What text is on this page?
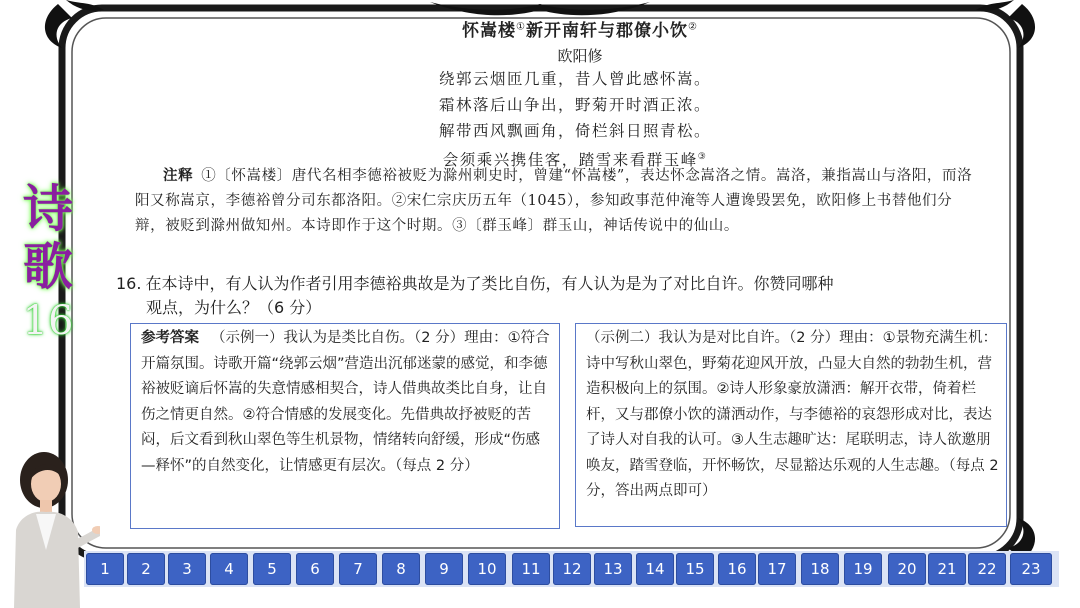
诗
歌
16
怀嵩楼①新开南轩与郡僚小饮②
欧阳修
绕郭云烟匝几重，昔人曾此感怀嵩。
霜林落后山争出，野菊开时酒正浓。
解带西风飘画角，倚栏斜日照青松。
会须乘兴携佳客，踏雪来看群玉峰③
注释 ①〔怀嵩楼〕唐代名相李德裕被贬为滁州刺史时，曾建“怀嵩楼”，表达怀念嵩洛之情。嵩洛，兼指嵩山与洛阳，而洛阳又称嵩京，李德裕曾分司东都洛阳。②宋仁宗庆历五年（1045），参知政事范仲淹等人遭谗毁罢免，欧阳修上书替他们分辩，被贬到滁州做知州。本诗即作于这个时期。③〔群玉峰〕群玉山，神话传说中的仙山。
16. 在本诗中，有人认为作者引用李德裕典故是为了类比自伤，有人认为是为了对比自许。你赞同哪种
观点，为什么？（6 分）
参考答案 （示例一）我认为是类比自伤。（2 分）理由：①符合开篇氛围。诗歌开篇“绕郭云烟”营造出沉郁迷蒙的感觉，和李德裕被贬谪后怀嵩的失意情感相契合，诗人借典故类比自身，让自伤之情更自然。②符合情感的发展变化。先借典故抒被贬的苦闷，后文看到秋山翠色等生机景物，情绪转向舒缓，形成“伤感—释怀”的自然变化，让情感更有层次。（每点 2 分）
（示例二）我认为是对比自许。（2 分）理由：①景物充满生机：诗中写秋山翠色，野菊花迎风开放，凸显大自然的勃勃生机，营造积极向上的氛围。②诗人形象豪放潇洒：解开衣带，倚着栏杆，又与郡僚小饮的潇洒动作，与李德裕的哀怨形成对比，表达了诗人对自我的认可。③人生志趣旷达：尾联明志，诗人欲邀朋唤友，踏雪登临，开怀畅饮，尽显豁达乐观的人生志趣。（每点 2 分，答出两点即可）
1	2	3	4	5	6	7	8	9	10	11	12	13	14	15	16	17	18	19	20	21	22	23
